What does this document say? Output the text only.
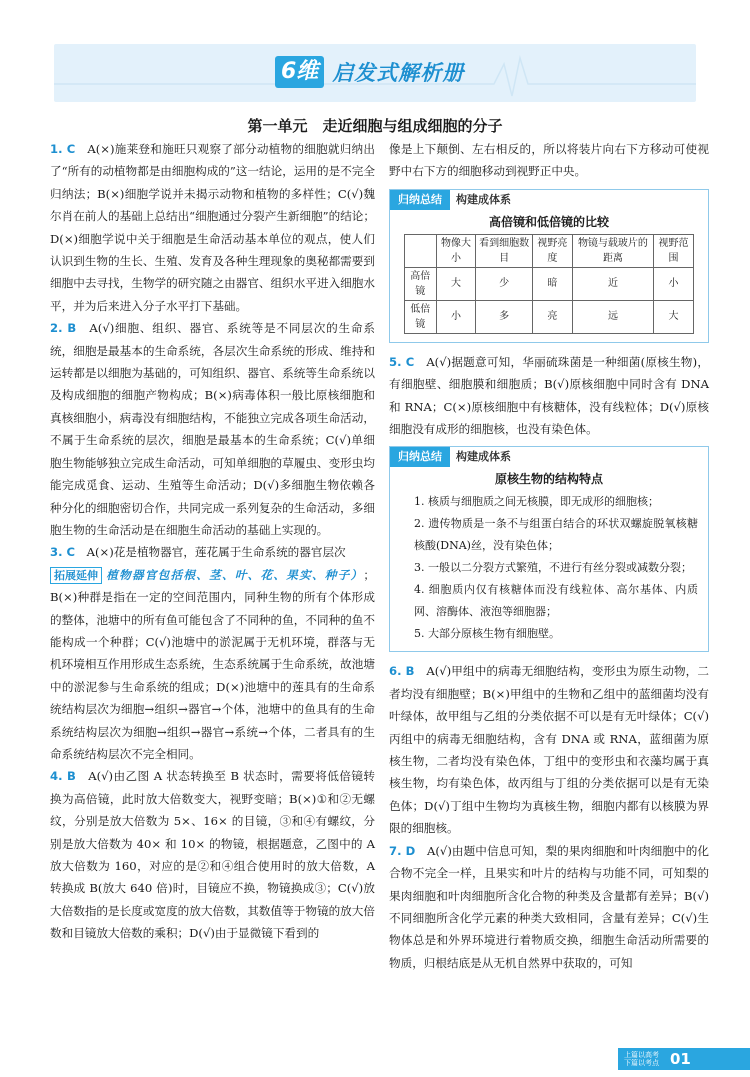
6维 启发式解析册
第一单元　走近细胞与组成细胞的分子

1. C　 A(×)施莱登和施旺只观察了部分动植物的细胞就归纳出了“所有的动植物都是由细胞构成的”这一结论，运用的是不完全归纳法；B(×)细胞学说并未揭示动物和植物的多样性；C(√)魏尔肖在前人的基础上总结出“细胞通过分裂产生新细胞”的结论；D(×)细胞学说中关于细胞是生命活动基本单位的观点，使人们认识到生物的生长、生殖、发育及各种生理现象的奥秘都需要到细胞中去寻找，生物学的研究随之由器官、组织水平进入细胞水平，并为后来进入分子水平打下基础。

2. B　 A(√)细胞、组织、器官、系统等是不同层次的生命系统，细胞是最基本的生命系统，各层次生命系统的形成、维持和运转都是以细胞为基础的，可知组织、器官、系统等生命系统以及构成细胞的细胞产物构成；B(×)病毒体积一般比原核细胞和真核细胞小，病毒没有细胞结构，不能独立完成各项生命活动，不属于生命系统的层次，细胞是最基本的生命系统；C(√)单细胞生物能够独立完成生命活动，可知单细胞的草履虫、变形虫均能完成觅食、运动、生殖等生命活动；D(√)多细胞生物依赖各种分化的细胞密切合作，共同完成一系列复杂的生命活动，多细胞生物的生命活动是在细胞生命活动的基础上实现的。

3. C　 A(×)花是植物器官，莲花属于生命系统的器官层次
拓展延伸 植物器官包括根、茎、叶、花、果实、种子）；B(×)种群是指在一定的空间范围内，同种生物的所有个体形成的整体，池塘中的所有鱼可能包含了不同种的鱼，不同种的鱼不能构成一个种群；C(√)池塘中的淤泥属于无机环境，群落与无机环境相互作用形成生态系统，生态系统属于生命系统，故池塘中的淤泥参与生命系统的组成；D(×)池塘中的莲具有的生命系统结构层次为细胞→组织→器官→个体，池塘中的鱼具有的生命系统结构层次为细胞→组织→器官→系统→个体，二者具有的生命系统结构层次不完全相同。

4. B　 A(√)由乙图 A 状态转换至 B 状态时，需要将低倍镜转换为高倍镜，此时放大倍数变大，视野变暗；B(×)①和②无螺纹，分别是放大倍数为 5×、16× 的目镜，③和④有螺纹，分别是放大倍数为 40× 和 10× 的物镜，根据题意，乙图中的 A 放大倍数为 160，对应的是②和④组合使用时的放大倍数，A 转换成 B(放大 640 倍)时，目镜应不换，物镜换成③；C(√)放大倍数指的是长度或宽度的放大倍数，其数值等于物镜的放大倍数和目镜放大倍数的乘积；D(√)由于显微镜下看到的

像是上下颠倒、左右相反的，所以将装片向右下方移动可使视野中右下方的细胞移动到视野正中央。

归纳总结	构建成体系
高倍镜和低倍镜的比较
	物像大小	看到细胞数目	视野亮度	物镜与载玻片的距离	视野范围
高倍镜	大	少	暗	近	小
低倍镜	小	多	亮	远	大

5. C　 A(√)据题意可知，华丽硫珠菌是一种细菌(原核生物)，有细胞壁、细胞膜和细胞质；B(√)原核细胞中同时含有 DNA 和 RNA；C(×)原核细胞中有核糖体，没有线粒体；D(√)原核细胞没有成形的细胞核，也没有染色体。

归纳总结	构建成体系
原核生物的结构特点
1. 核质与细胞质之间无核膜，即无成形的细胞核；
2. 遗传物质是一条不与组蛋白结合的环状双螺旋脱氧核糖核酸(DNA)丝，没有染色体；
3. 一般以二分裂方式繁殖，不进行有丝分裂或减数分裂；
4. 细胞质内仅有核糖体而没有线粒体、高尔基体、内质网、溶酶体、液泡等细胞器；
5. 大部分原核生物有细胞壁。

6. B　 A(√)甲组中的病毒无细胞结构，变形虫为原生动物，二者均没有细胞壁；B(×)甲组中的生物和乙组中的蓝细菌均没有叶绿体，故甲组与乙组的分类依据不可以是有无叶绿体；C(√)丙组中的病毒无细胞结构，含有 DNA 或 RNA，蓝细菌为原核生物，二者均没有染色体，丁组中的变形虫和衣藻均属于真核生物，均有染色体，故丙组与丁组的分类依据可以是有无染色体；D(√)丁组中生物均为真核生物，细胞内都有以核膜为界限的细胞核。

7. D　 A(√)由题中信息可知，梨的果肉细胞和叶肉细胞中的化合物不完全一样，且果实和叶片的结构与功能不同，可知梨的果肉细胞和叶肉细胞所含化合物的种类及含量都有差异；B(√)不同细胞所含化学元素的种类大致相同，含量有差异；C(√)生物体总是和外界环境进行着物质交换，细胞生命活动所需要的物质，归根结底是从无机自然界中获取的，可知

上篇以高考 下篇以考点 01
